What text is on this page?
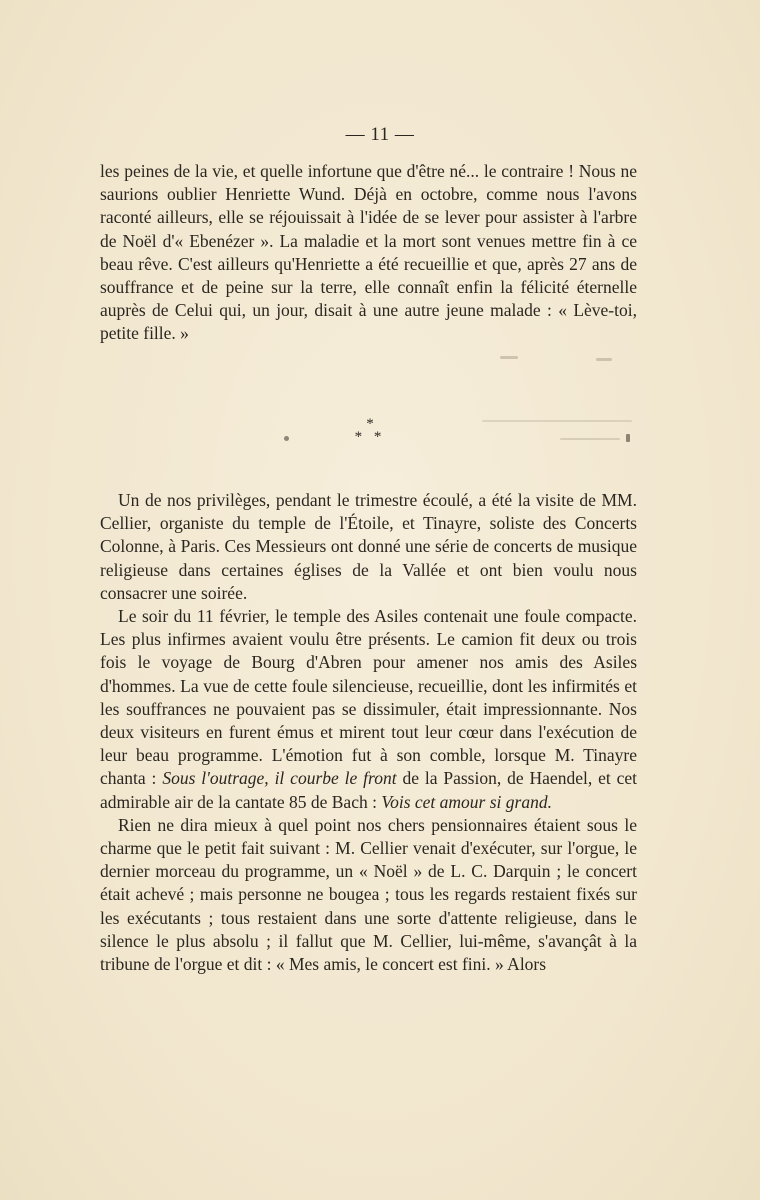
— 11 —

les peines de la vie, et quelle infortune que d'être né... le contraire ! Nous ne saurions oublier Henriette Wund. Déjà en octobre, comme nous l'avons raconté ailleurs, elle se réjouissait à l'idée de se lever pour assister à l'arbre de Noël d'« Ebenézer ». La maladie et la mort sont venues mettre fin à ce beau rêve. C'est ailleurs qu'Henriette a été recueillie et que, après 27 ans de souffrance et de peine sur la terre, elle connaît enfin la félicité éternelle auprès de Celui qui, un jour, disait à une autre jeune malade : « Lève-toi, petite fille. »

*
* *

Un de nos privilèges, pendant le trimestre écoulé, a été la visite de MM. Cellier, organiste du temple de l'Étoile, et Tinayre, soliste des Concerts Colonne, à Paris. Ces Messieurs ont donné une série de concerts de musique religieuse dans certaines églises de la Vallée et ont bien voulu nous consacrer une soirée.

Le soir du 11 février, le temple des Asiles contenait une foule compacte. Les plus infirmes avaient voulu être présents. Le camion fit deux ou trois fois le voyage de Bourg d'Abren pour amener nos amis des Asiles d'hommes. La vue de cette foule silencieuse, recueillie, dont les infirmités et les souffrances ne pouvaient pas se dissimuler, était impressionnante. Nos deux visiteurs en furent émus et mirent tout leur cœur dans l'exécution de leur beau programme. L'émotion fut à son comble, lorsque M. Tinayre chanta : Sous l'outrage, il courbe le front de la Passion, de Haendel, et cet admirable air de la cantate 85 de Bach : Vois cet amour si grand.

Rien ne dira mieux à quel point nos chers pensionnaires étaient sous le charme que le petit fait suivant : M. Cellier venait d'exécuter, sur l'orgue, le dernier morceau du programme, un « Noël » de L. C. Darquin ; le concert était achevé ; mais personne ne bougea ; tous les regards restaient fixés sur les exécutants ; tous restaient dans une sorte d'attente religieuse, dans le silence le plus absolu ; il fallut que M. Cellier, lui-même, s'avançât à la tribune de l'orgue et dit : « Mes amis, le concert est fini. » Alors
